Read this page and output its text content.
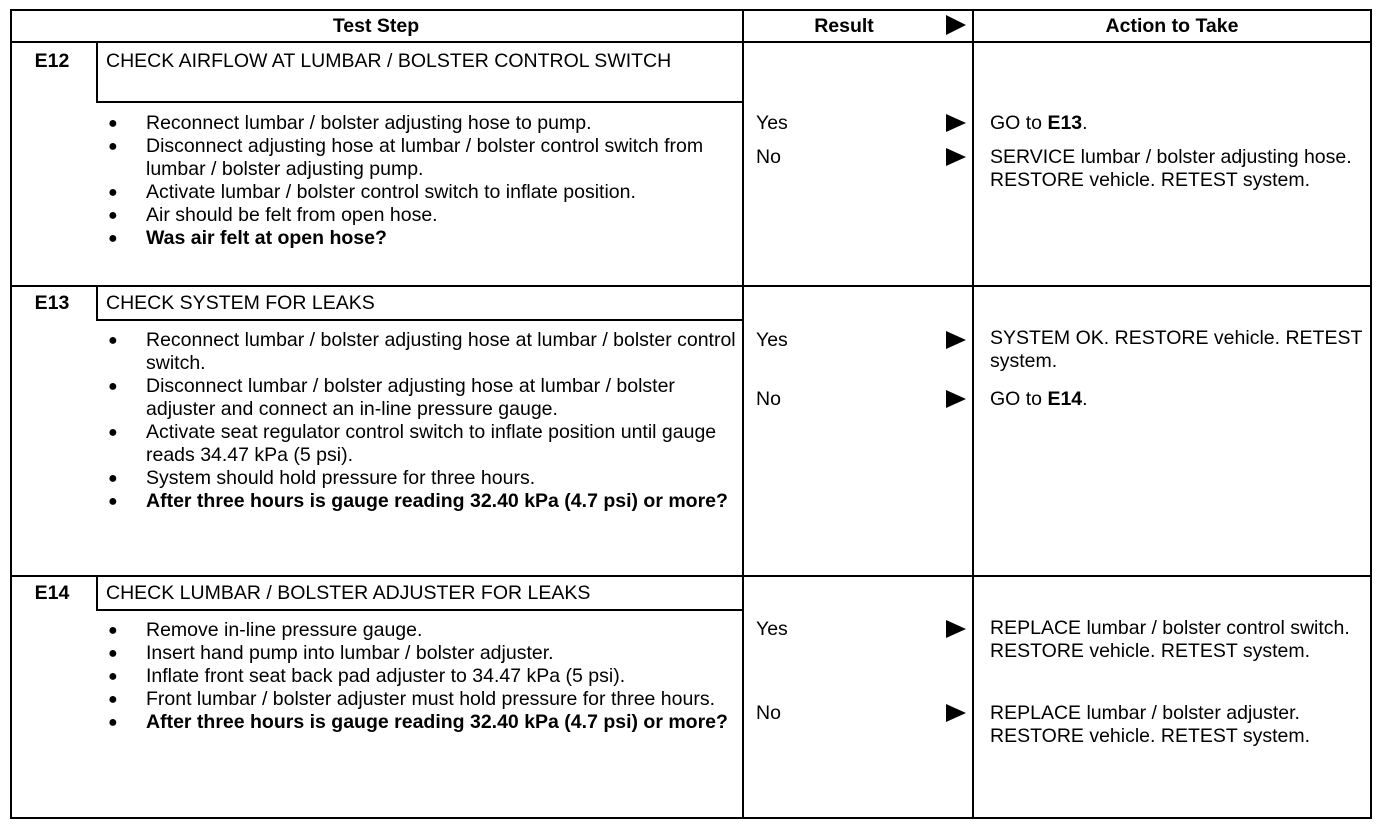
Test Step	Result	Action to Take
E12	CHECK AIRFLOW AT LUMBAR / BOLSTER CONTROL SWITCH
● Reconnect lumbar / bolster adjusting hose to pump.
● Disconnect adjusting hose at lumbar / bolster control switch from lumbar / bolster adjusting pump.
● Activate lumbar / bolster control switch to inflate position.
● Air should be felt from open hose.
● Was air felt at open hose?
Yes	GO to E13.
No	SERVICE lumbar / bolster adjusting hose. RESTORE vehicle. RETEST system.
E13	CHECK SYSTEM FOR LEAKS
● Reconnect lumbar / bolster adjusting hose at lumbar / bolster control switch.
● Disconnect lumbar / bolster adjusting hose at lumbar / bolster adjuster and connect an in-line pressure gauge.
● Activate seat regulator control switch to inflate position until gauge reads 34.47 kPa (5 psi).
● System should hold pressure for three hours.
● After three hours is gauge reading 32.40 kPa (4.7 psi) or more?
Yes	SYSTEM OK. RESTORE vehicle. RETEST system.
No	GO to E14.
E14	CHECK LUMBAR / BOLSTER ADJUSTER FOR LEAKS
● Remove in-line pressure gauge.
● Insert hand pump into lumbar / bolster adjuster.
● Inflate front seat back pad adjuster to 34.47 kPa (5 psi).
● Front lumbar / bolster adjuster must hold pressure for three hours.
● After three hours is gauge reading 32.40 kPa (4.7 psi) or more?
Yes	REPLACE lumbar / bolster control switch. RESTORE vehicle. RETEST system.
No	REPLACE lumbar / bolster adjuster. RESTORE vehicle. RETEST system.
